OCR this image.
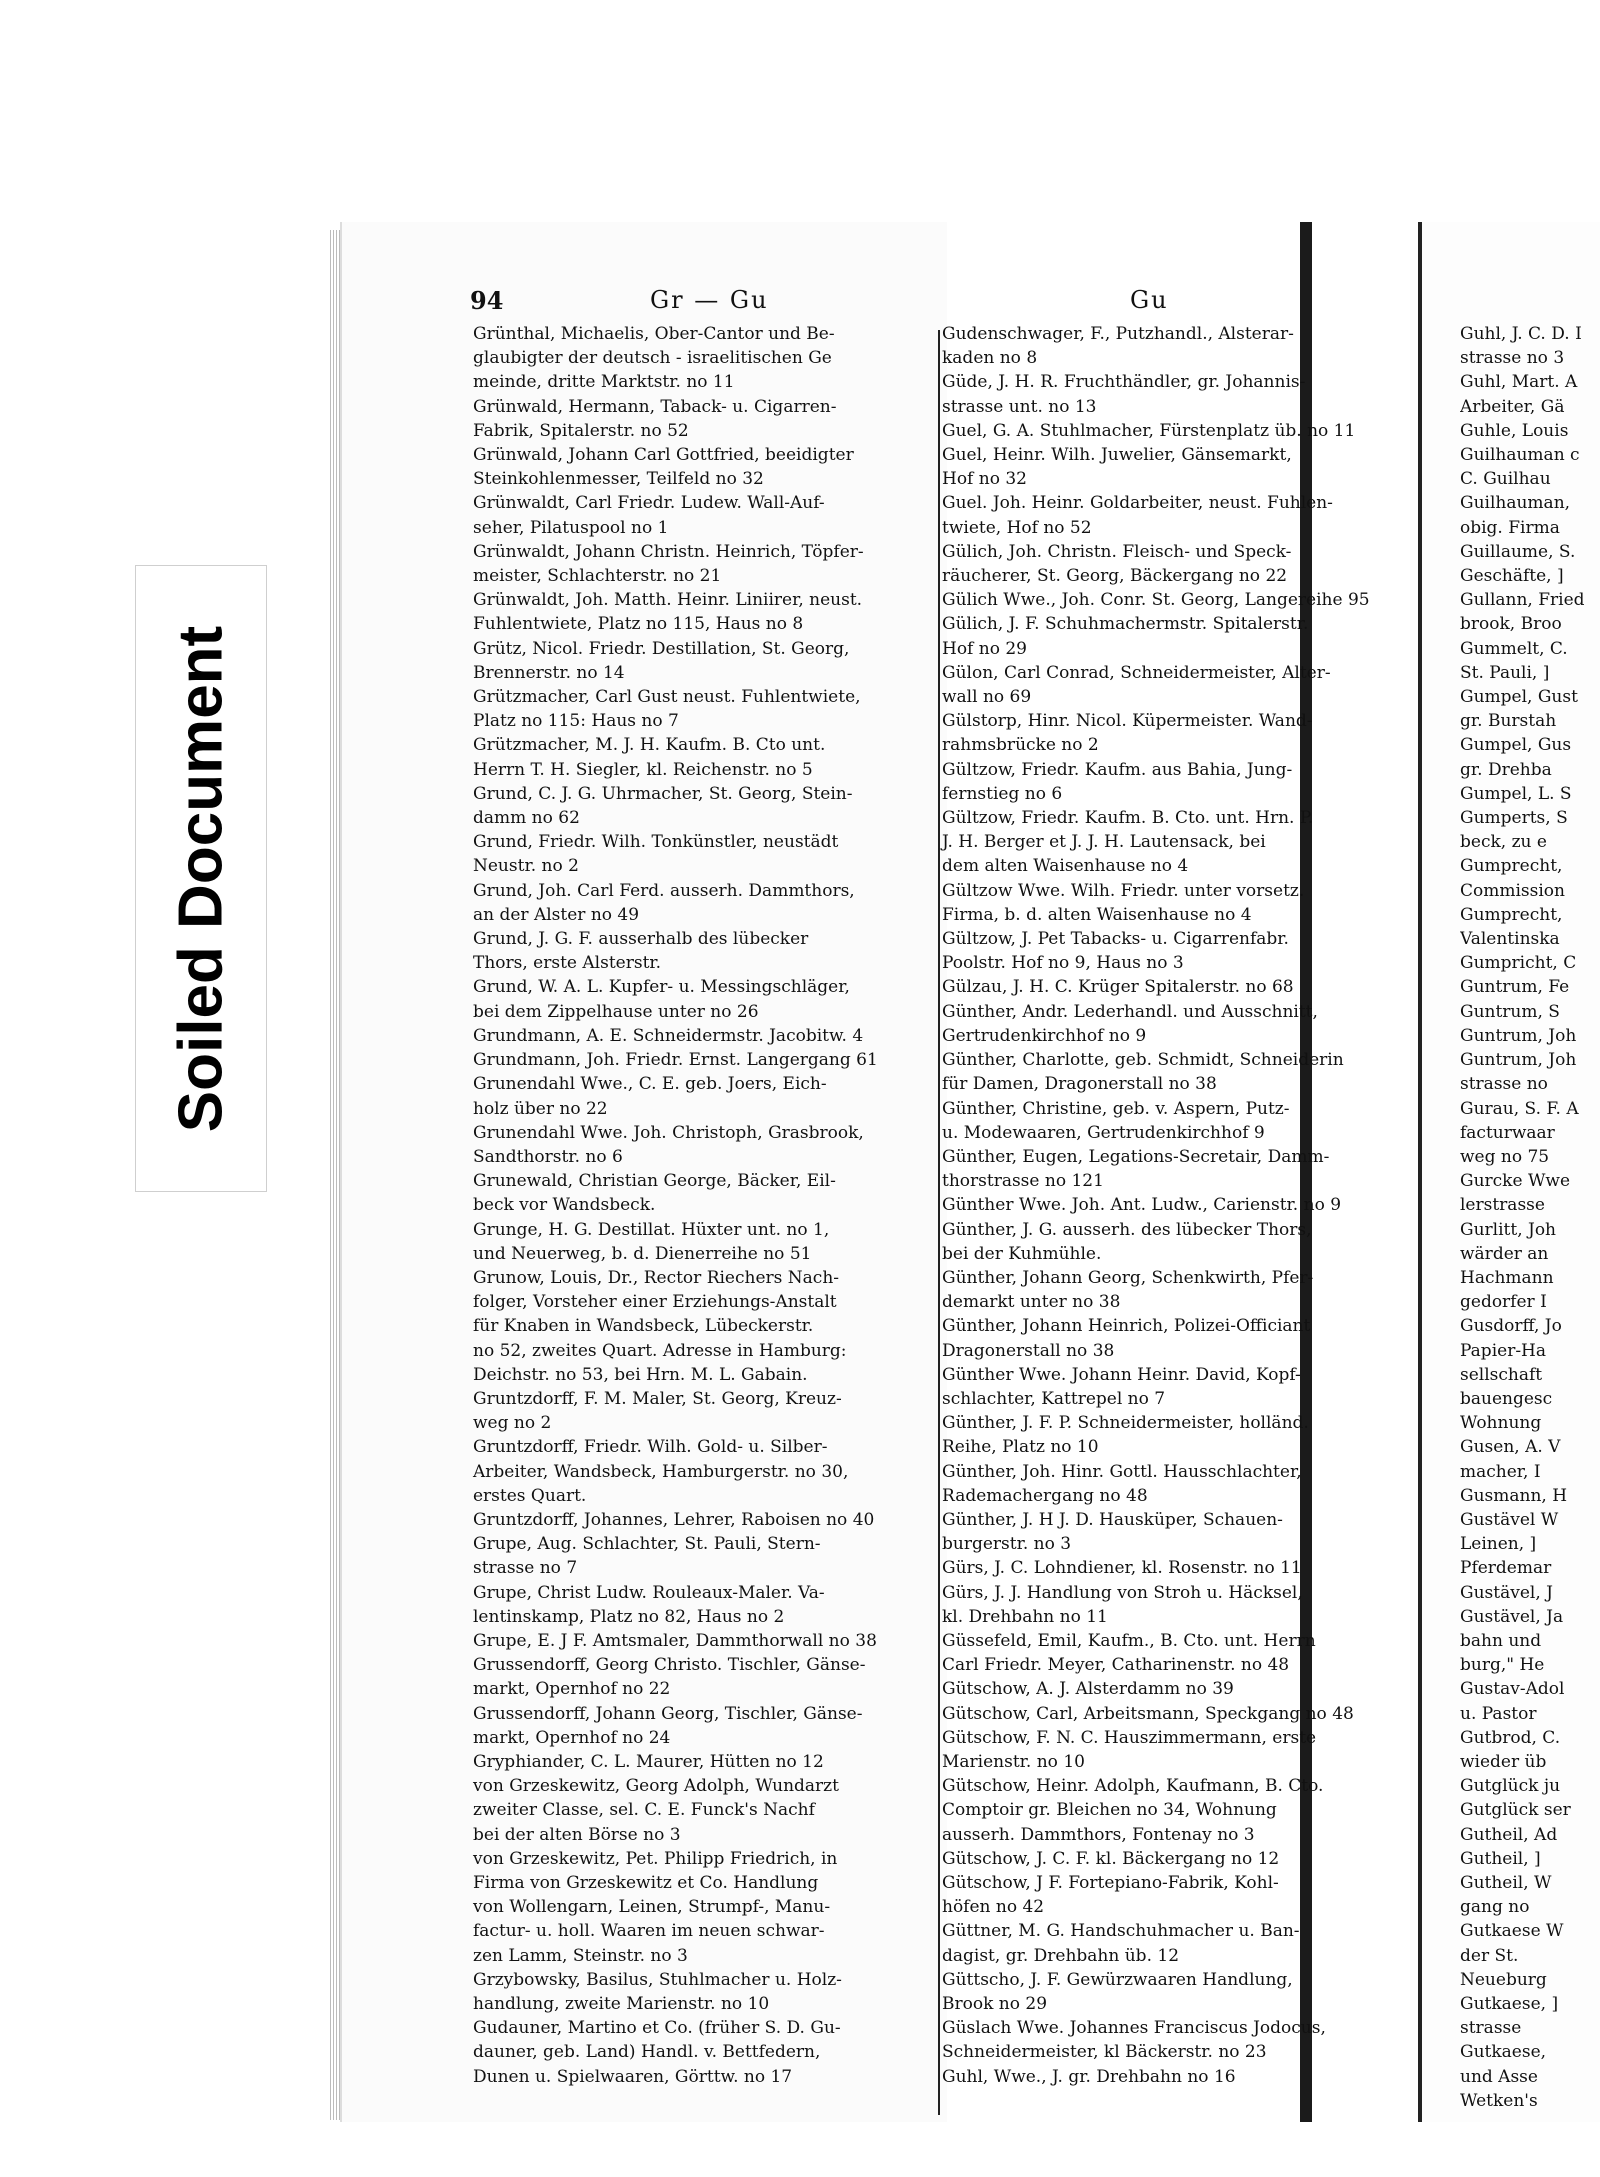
Soiled Document
94	Gr — Gu	Gu
Grünthal, Michaelis, Ober-Cantor und Be-
glaubigter der deutsch - israelitischen Ge
meinde, dritte Marktstr. no 11
Grünwald, Hermann, Taback- u. Cigarren-
Fabrik, Spitalerstr. no 52
Grünwald, Johann Carl Gottfried, beeidigter
Steinkohlenmesser, Teilfeld no 32
Grünwaldt, Carl Friedr. Ludew. Wall-Auf-
seher, Pilatuspool no 1
Grünwaldt, Johann Christn. Heinrich, Töpfer-
meister, Schlachterstr. no 21
Grünwaldt, Joh. Matth. Heinr. Liniirer, neust.
Fuhlentwiete, Platz no 115, Haus no 8
Grütz, Nicol. Friedr. Destillation, St. Georg,
Brennerstr. no 14
Grützmacher, Carl Gust neust. Fuhlentwiete,
Platz no 115: Haus no 7
Grützmacher, M. J. H. Kaufm. B. Cto unt.
Herrn T. H. Siegler, kl. Reichenstr. no 5
Grund, C. J. G. Uhrmacher, St. Georg, Stein-
damm no 62
Grund, Friedr. Wilh. Tonkünstler, neustädt
Neustr. no 2
Grund, Joh. Carl Ferd. ausserh. Dammthors,
an der Alster no 49
Grund, J. G. F. ausserhalb des lübecker
Thors, erste Alsterstr.
Grund, W. A. L. Kupfer- u. Messingschläger,
bei dem Zippelhause unter no 26
Grundmann, A. E. Schneidermstr. Jacobitw. 4
Grundmann, Joh. Friedr. Ernst. Langergang 61
Grunendahl Wwe., C. E. geb. Joers, Eich-
holz über no 22
Grunendahl Wwe. Joh. Christoph, Grasbrook,
Sandthorstr. no 6
Grunewald, Christian George, Bäcker, Eil-
beck vor Wandsbeck.
Grunge, H. G. Destillat. Hüxter unt. no 1,
und Neuerweg, b. d. Dienerreihe no 51
Grunow, Louis, Dr., Rector Riechers Nach-
folger, Vorsteher einer Erziehungs-Anstalt
für Knaben in Wandsbeck, Lübeckerstr.
no 52, zweites Quart. Adresse in Hamburg:
Deichstr. no 53, bei Hrn. M. L. Gabain.
Gruntzdorff, F. M. Maler, St. Georg, Kreuz-
weg no 2
Gruntzdorff, Friedr. Wilh. Gold- u. Silber-
Arbeiter, Wandsbeck, Hamburgerstr. no 30,
erstes Quart.
Gruntzdorff, Johannes, Lehrer, Raboisen no 40
Grupe, Aug. Schlachter, St. Pauli, Stern-
strasse no 7
Grupe, Christ Ludw. Rouleaux-Maler. Va-
lentinskamp, Platz no 82, Haus no 2
Grupe, E. J F. Amtsmaler, Dammthorwall no 38
Grussendorff, Georg Christo. Tischler, Gänse-
markt, Opernhof no 22
Grussendorff, Johann Georg, Tischler, Gänse-
markt, Opernhof no 24
Gryphiander, C. L. Maurer, Hütten no 12
von Grzeskewitz, Georg Adolph, Wundarzt
zweiter Classe, sel. C. E. Funck's Nachf
bei der alten Börse no 3
von Grzeskewitz, Pet. Philipp Friedrich, in
Firma von Grzeskewitz et Co. Handlung
von Wollengarn, Leinen, Strumpf-, Manu-
factur- u. holl. Waaren im neuen schwar-
zen Lamm, Steinstr. no 3
Grzybowsky, Basilus, Stuhlmacher u. Holz-
handlung, zweite Marienstr. no 10
Gudauner, Martino et Co. (früher S. D. Gu-
dauner, geb. Land) Handl. v. Bettfedern,
Dunen u. Spielwaaren, Görttw. no 17
Gudenschwager, F., Putzhandl., Alsterar-
kaden no 8
Güde, J. H. R. Fruchthändler, gr. Johannis-
strasse unt. no 13
Guel, G. A. Stuhlmacher, Fürstenplatz üb. no 11
Guel, Heinr. Wilh. Juwelier, Gänsemarkt,
Hof no 32
Guel. Joh. Heinr. Goldarbeiter, neust. Fuhlen-
twiete, Hof no 52
Gülich, Joh. Christn. Fleisch- und Speck-
räucherer, St. Georg, Bäckergang no 22
Gülich Wwe., Joh. Conr. St. Georg, Langereihe 95
Gülich, J. F. Schuhmachermstr. Spitalerstr.
Hof no 29
Gülon, Carl Conrad, Schneidermeister, Alter-
wall no 69
Gülstorp, Hinr. Nicol. Küpermeister. Wand-
rahmsbrücke no 2
Gültzow, Friedr. Kaufm. aus Bahia, Jung-
fernstieg no 6
Gültzow, Friedr. Kaufm. B. Cto. unt. Hrn. P.
J. H. Berger et J. J. H. Lautensack, bei
dem alten Waisenhause no 4
Gültzow Wwe. Wilh. Friedr. unter vorsetz.
Firma, b. d. alten Waisenhause no 4
Gültzow, J. Pet Tabacks- u. Cigarrenfabr.
Poolstr. Hof no 9, Haus no 3
Gülzau, J. H. C. Krüger Spitalerstr. no 68
Günther, Andr. Lederhandl. und Ausschnitt,
Gertrudenkirchhof no 9
Günther, Charlotte, geb. Schmidt, Schneiderin
für Damen, Dragonerstall no 38
Günther, Christine, geb. v. Aspern, Putz-
u. Modewaaren, Gertrudenkirchhof 9
Günther, Eugen, Legations-Secretair, Damm-
thorstrasse no 121
Günther Wwe. Joh. Ant. Ludw., Carienstr. no 9
Günther, J. G. ausserh. des lübecker Thors,
bei der Kuhmühle.
Günther, Johann Georg, Schenkwirth, Pfer-
demarkt unter no 38
Günther, Johann Heinrich, Polizei-Officiant
Dragonerstall no 38
Günther Wwe. Johann Heinr. David, Kopf-
schlachter, Kattrepel no 7
Günther, J. F. P. Schneidermeister, holländ.
Reihe, Platz no 10
Günther, Joh. Hinr. Gottl. Hausschlachter,
Rademachergang no 48
Günther, J. H J. D. Hausküper, Schauen-
burgerstr. no 3
Gürs, J. C. Lohndiener, kl. Rosenstr. no 11
Gürs, J. J. Handlung von Stroh u. Häcksel,
kl. Drehbahn no 11
Güssefeld, Emil, Kaufm., B. Cto. unt. Herrn
Carl Friedr. Meyer, Catharinenstr. no 48
Gütschow, A. J. Alsterdamm no 39
Gütschow, Carl, Arbeitsmann, Speckgang no 48
Gütschow, F. N. C. Hauszimmermann, erste
Marienstr. no 10
Gütschow, Heinr. Adolph, Kaufmann, B. Cto.
Comptoir gr. Bleichen no 34, Wohnung
ausserh. Dammthors, Fontenay no 3
Gütschow, J. C. F. kl. Bäckergang no 12
Gütschow, J F. Fortepiano-Fabrik, Kohl-
höfen no 42
Güttner, M. G. Handschuhmacher u. Ban-
dagist, gr. Drehbahn üb. 12
Güttscho, J. F. Gewürzwaaren Handlung,
Brook no 29
Güslach Wwe. Johannes Franciscus Jodocus,
Schneidermeister, kl Bäckerstr. no 23
Guhl, Wwe., J. gr. Drehbahn no 16
Guhl, J. C. D. I
strasse no 3
Guhl, Mart. A
Arbeiter, Gä
Guhle, Louis
Guilhauman c
C. Guilhau
Guilhauman,
obig. Firma
Guillaume, S.
Geschäfte, ]
Gullann, Fried
brook, Broo
Gummelt, C.
St. Pauli, ]
Gumpel, Gust
gr. Burstah
Gumpel, Gus
gr. Drehba
Gumpel, L. S
Gumperts, S
beck, zu e
Gumprecht,
Commission
Gumprecht,
Valentinska
Gumpricht, C
Guntrum, Fe
Guntrum, S
Guntrum, Joh
Guntrum, Joh
strasse no
Gurau, S. F. A
facturwaar
weg no 75
Gurcke Wwe
lerstrasse
Gurlitt, Joh
wärder an
Hachmann
gedorfer I
Gusdorff, Jo
Papier-Ha
sellschaft
bauengesc
Wohnung
Gusen, A. V
macher, I
Gusmann, H
Gustävel W
Leinen, ]
Pferdemar
Gustävel, J
Gustävel, Ja
bahn und
burg," He
Gustav-Adol
u. Pastor
Gutbrod, C.
wieder üb
Gutglück ju
Gutglück ser
Gutheil, Ad
Gutheil, ]
Gutheil, W
gang no
Gutkaese W
der St.
Neueburg
Gutkaese, ]
strasse
Gutkaese,
und Asse
Wetken's
